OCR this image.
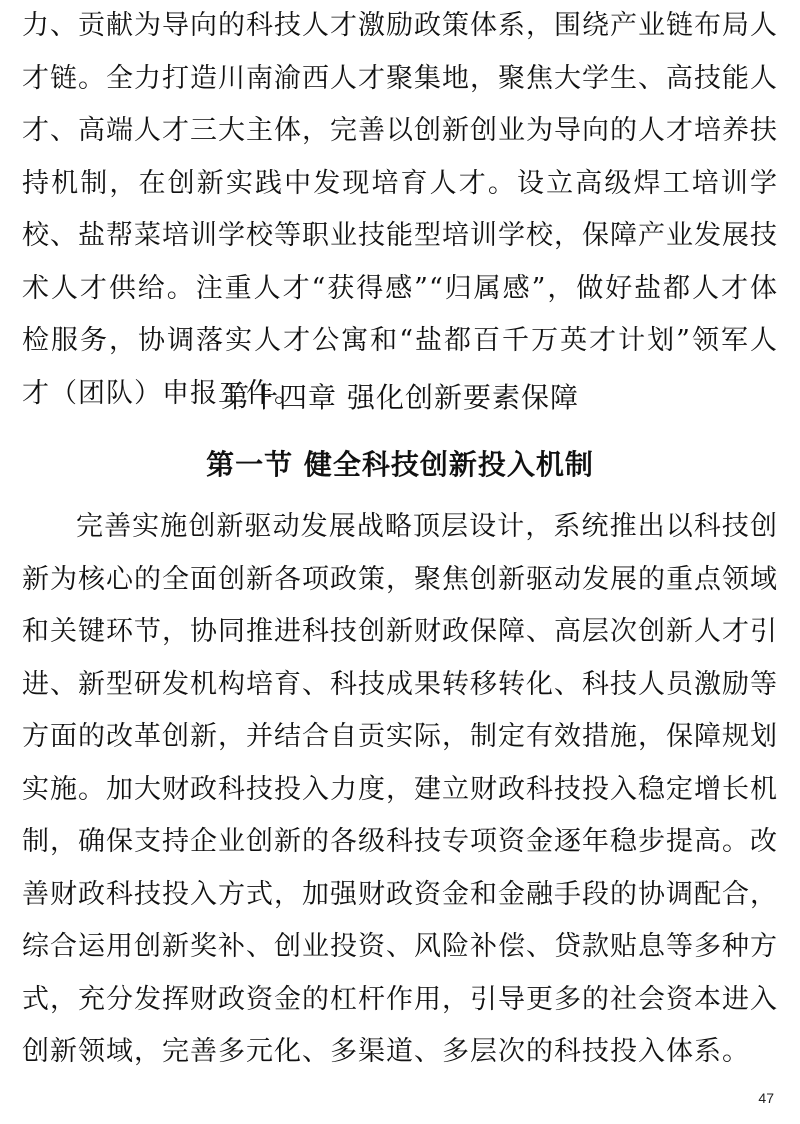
力、贡献为导向的科技人才激励政策体系，围绕产业链布局人才链。全力打造川南渝西人才聚集地，聚焦大学生、高技能人才、高端人才三大主体，完善以创新创业为导向的人才培养扶持机制，在创新实践中发现培育人才。设立高级焊工培训学校、盐帮菜培训学校等职业技能型培训学校，保障产业发展技术人才供给。注重人才“获得感”“归属感”，做好盐都人才体检服务，协调落实人才公寓和“盐都百千万英才计划”领军人才（团队）申报工作。

第十四章 强化创新要素保障
第一节 健全科技创新投入机制

完善实施创新驱动发展战略顶层设计，系统推出以科技创新为核心的全面创新各项政策，聚焦创新驱动发展的重点领域和关键环节，协同推进科技创新财政保障、高层次创新人才引进、新型研发机构培育、科技成果转移转化、科技人员激励等方面的改革创新，并结合自贡实际，制定有效措施，保障规划实施。加大财政科技投入力度，建立财政科技投入稳定增长机制，确保支持企业创新的各级科技专项资金逐年稳步提高。改善财政科技投入方式，加强财政资金和金融手段的协调配合，综合运用创新奖补、创业投资、风险补偿、贷款贴息等多种方式，充分发挥财政资金的杠杆作用，引导更多的社会资本进入创新领域，完善多元化、多渠道、多层次的科技投入体系。

47
